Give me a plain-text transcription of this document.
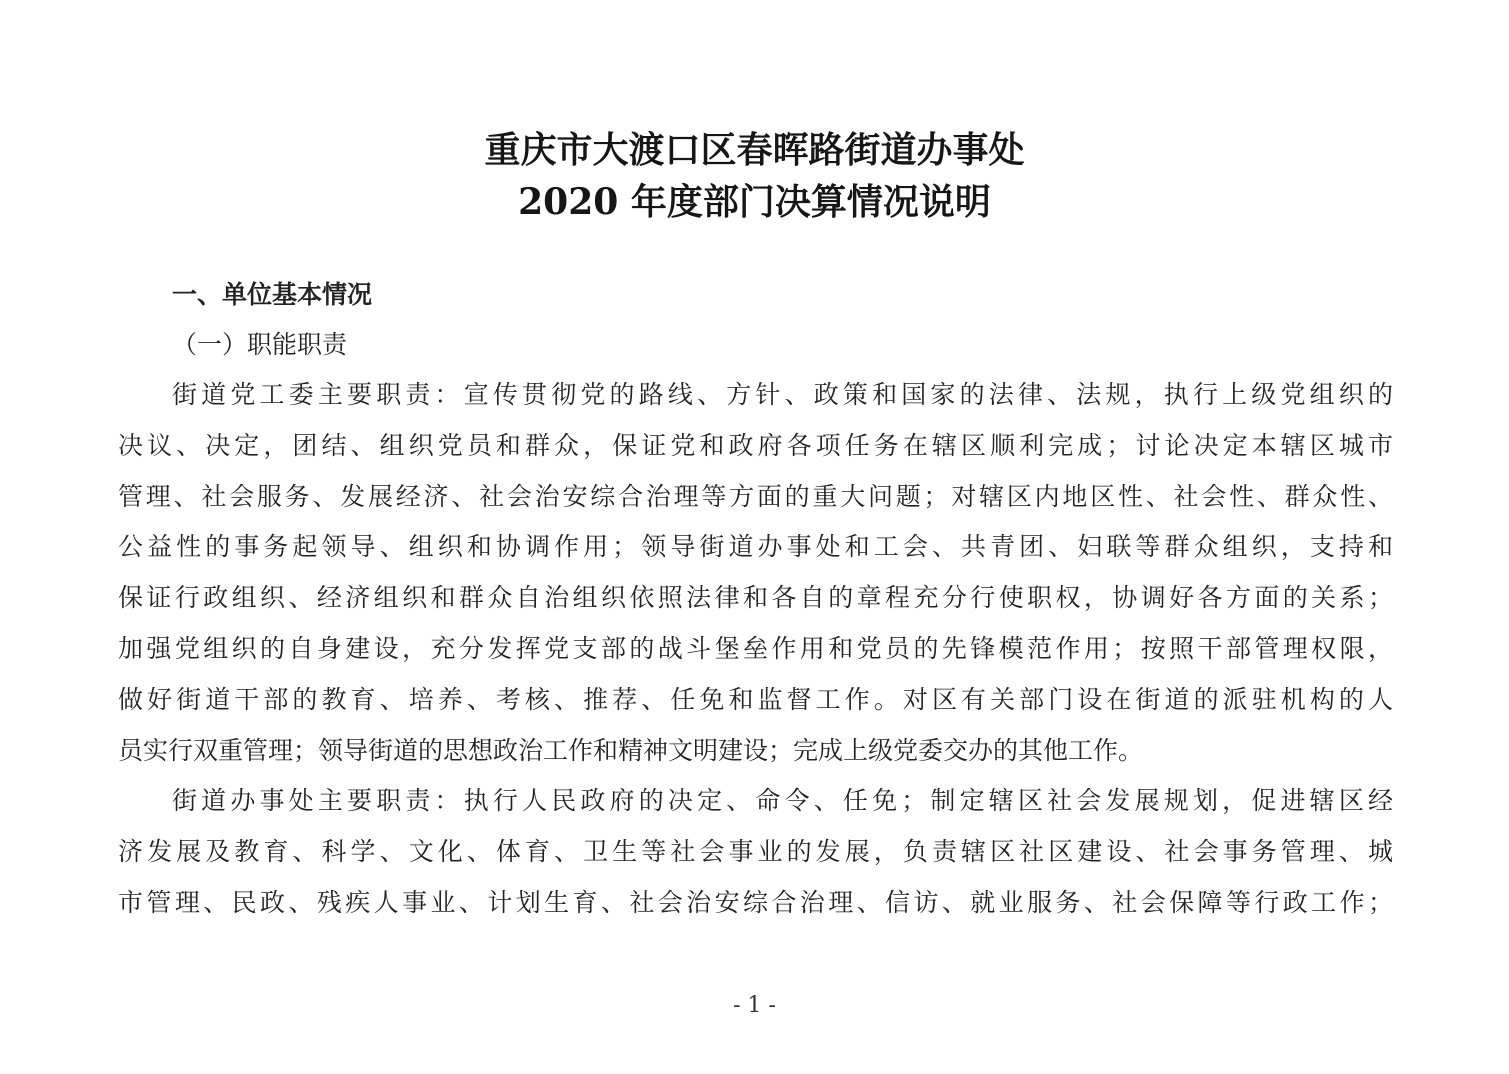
重庆市大渡口区春晖路街道办事处
2020 年度部门决算情况说明
一、单位基本情况
（一）职能职责
街道党工委主要职责：宣传贯彻党的路线、方针、政策和国家的法律、法规，执行上级党组织的
决议、决定，团结、组织党员和群众，保证党和政府各项任务在辖区顺利完成；讨论决定本辖区城市
管理、社会服务、发展经济、社会治安综合治理等方面的重大问题；对辖区内地区性、社会性、群众性、
公益性的事务起领导、组织和协调作用；领导街道办事处和工会、共青团、妇联等群众组织，支持和
保证行政组织、经济组织和群众自治组织依照法律和各自的章程充分行使职权，协调好各方面的关系；
加强党组织的自身建设，充分发挥党支部的战斗堡垒作用和党员的先锋模范作用；按照干部管理权限，
做好街道干部的教育、培养、考核、推荐、任免和监督工作。对区有关部门设在街道的派驻机构的人
员实行双重管理；领导街道的思想政治工作和精神文明建设；完成上级党委交办的其他工作。
街道办事处主要职责：执行人民政府的决定、命令、任免；制定辖区社会发展规划，促进辖区经
济发展及教育、科学、文化、体育、卫生等社会事业的发展，负责辖区社区建设、社会事务管理、城
市管理、民政、残疾人事业、计划生育、社会治安综合治理、信访、就业服务、社会保障等行政工作；
- 1 -
